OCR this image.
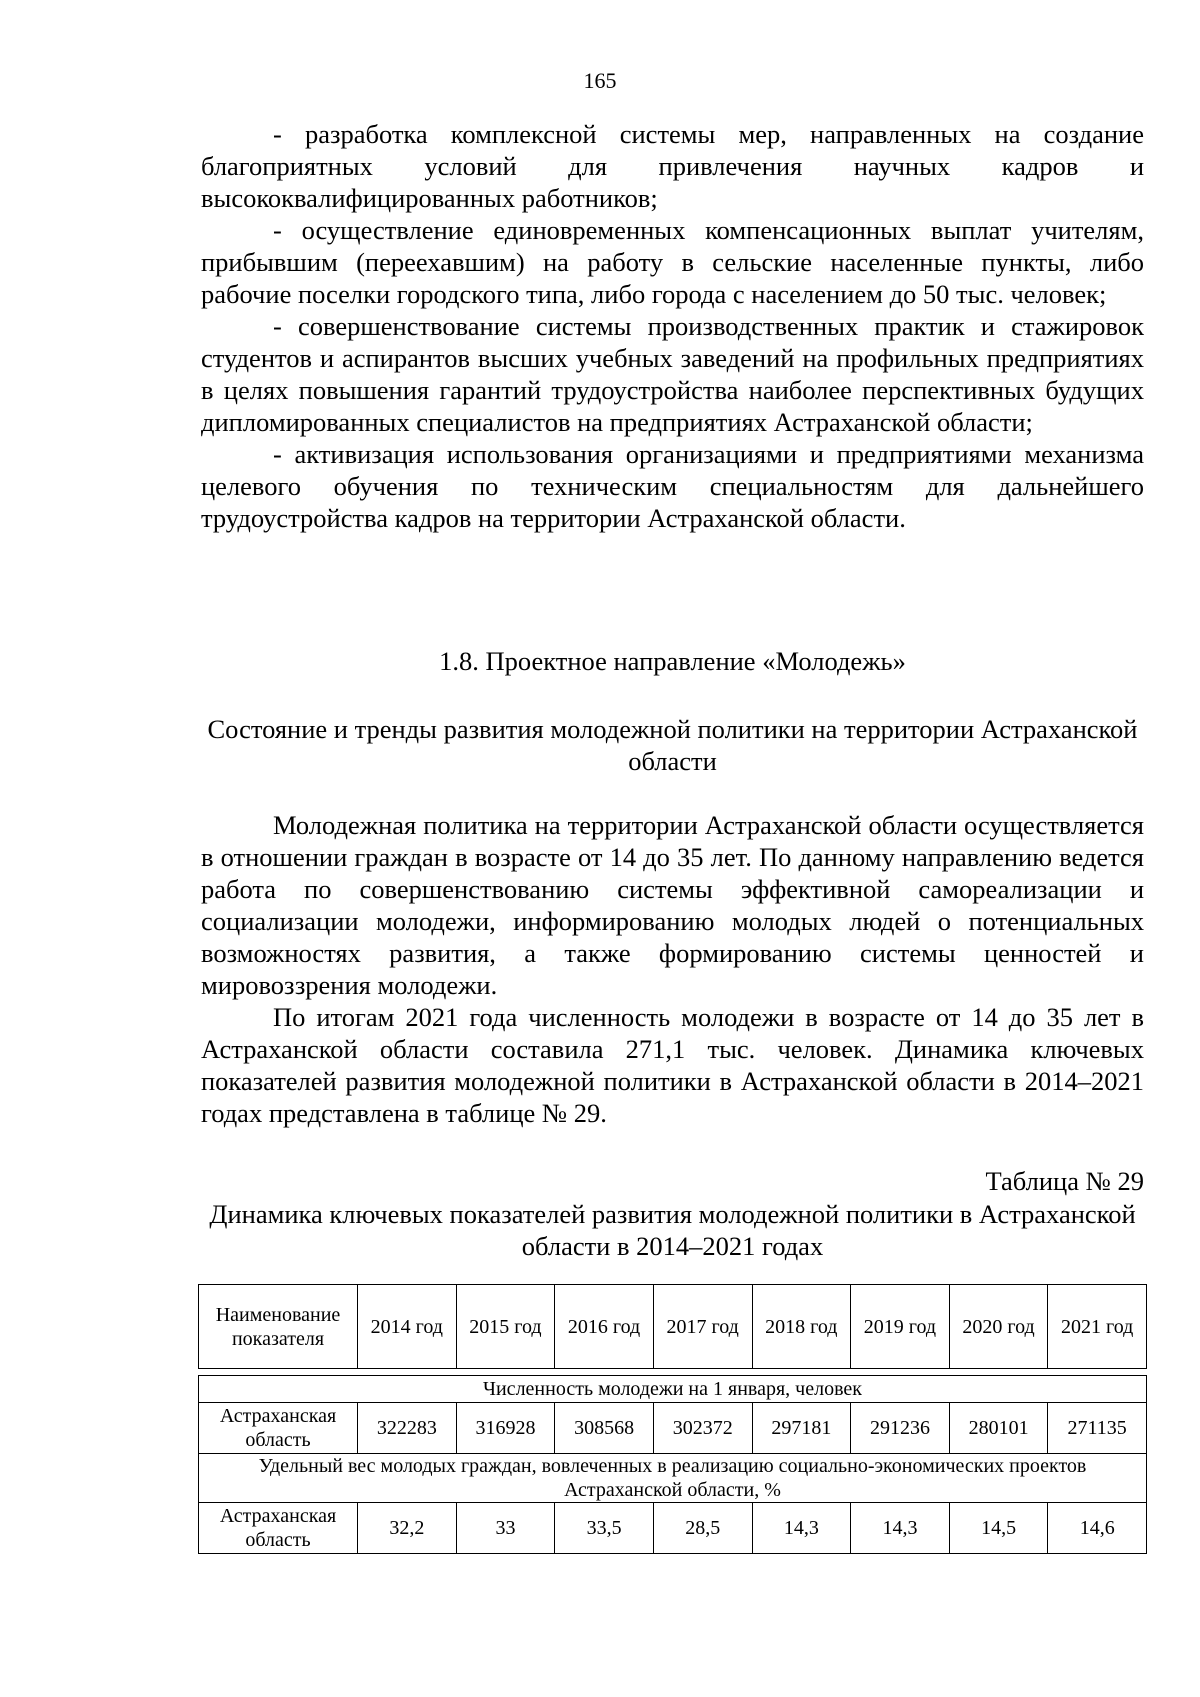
165

- разработка комплексной системы мер, направленных на создание благоприятных условий для привлечения научных кадров и высококвалифицированных работников;

- осуществление единовременных компенсационных выплат учителям, прибывшим (переехавшим) на работу в сельские населенные пункты, либо рабочие поселки городского типа, либо города с населением до 50 тыс. человек;

- совершенствование системы производственных практик и стажировок студентов и аспирантов высших учебных заведений на профильных предприятиях в целях повышения гарантий трудоустройства наиболее перспективных будущих дипломированных специалистов на предприятиях Астраханской области;

- активизация использования организациями и предприятиями механизма целевого обучения по техническим специальностям для дальнейшего трудоустройства кадров на территории Астраханской области.

1.8. Проектное направление «Молодежь»
Состояние и тренды развития молодежной политики на территории Астраханской области

Молодежная политика на территории Астраханской области осуществляется в отношении граждан в возрасте от 14 до 35 лет. По данному направлению ведется работа по совершенствованию системы эффективной самореализации и социализации молодежи, информированию молодых людей о потенциальных возможностях развития, а также формированию системы ценностей и мировоззрения молодежи.

По итогам 2021 года численность молодежи в возрасте от 14 до 35 лет в Астраханской области составила 271,1 тыс. человек. Динамика ключевых показателей развития молодежной политики в Астраханской области в 2014–2021 годах представлена в таблице № 29.

Таблица № 29
Динамика ключевых показателей развития молодежной политики в Астраханской области в 2014–2021 годах
Наименование показателя	2014 год	2015 год	2016 год	2017 год	2018 год	2019 год	2020 год	2021 год
Численность молодежи на 1 января, человек								
Астраханская область	322283	316928	308568	302372	297181	291236	280101	271135
Удельный вес молодых граждан, вовлеченных в реализацию социально-экономических проектов Астраханской области, %								
Астраханская область	32,2	33	33,5	28,5	14,3	14,3	14,5	14,6
